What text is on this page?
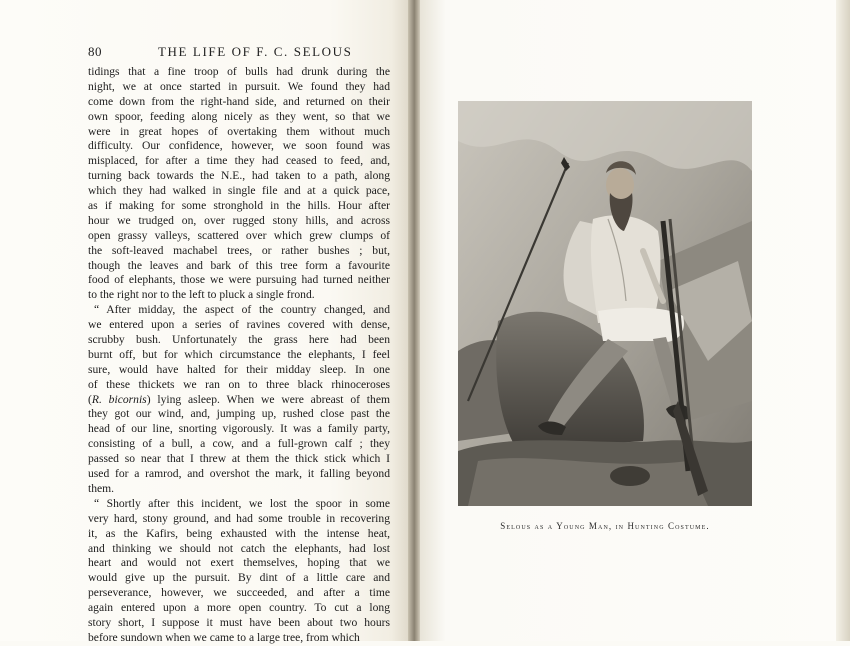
80	THE LIFE OF F. C. SELOUS
tidings that a fine troop of bulls had drunk during the
night, we at once started in pursuit. We found they had
come down from the right-hand side, and returned on their
own spoor, feeding along nicely as they went, so that we
were in great hopes of overtaking them without much
difficulty. Our confidence, however, we soon found was
misplaced, for after a time they had ceased to feed, and,
turning back towards the N.E., had taken to a path, along
which they had walked in single file and at a quick pace,
as if making for some stronghold in the hills. Hour after
hour we trudged on, over rugged stony hills, and across
open grassy valleys, scattered over which grew clumps of
the soft-leaved machabel trees, or rather bushes ; but,
though the leaves and bark of this tree form a favourite
food of elephants, those we were pursuing had turned neither
to the right nor to the left to pluck a single frond.
“ After midday, the aspect of the country changed, and
we entered upon a series of ravines covered with dense,
scrubby bush. Unfortunately the grass here had been
burnt off, but for which circumstance the elephants, I feel
sure, would have halted for their midday sleep. In one
of these thickets we ran on to three black rhinoceroses
(R. bicornis) lying asleep. When we were abreast of them
they got our wind, and, jumping up, rushed close past the
head of our line, snorting vigorously. It was a family party,
consisting of a bull, a cow, and a full-grown calf ; they
passed so near that I threw at them the thick stick which I
used for a ramrod, and overshot the mark, it falling beyond
them.
“ Shortly after this incident, we lost the spoor in some
very hard, stony ground, and had some trouble in recovering
it, as the Kafirs, being exhausted with the intense heat,
and thinking we should not catch the elephants, had lost
heart and would not exert themselves, hoping that we
would give up the pursuit. By dint of a little care and
perseverance, however, we succeeded, and after a time
again entered upon a more open country. To cut a long
story short, I suppose it must have been about two hours
before sundown when we came to a large tree, from which
Selous as a Young Man, in Hunting Costume.
